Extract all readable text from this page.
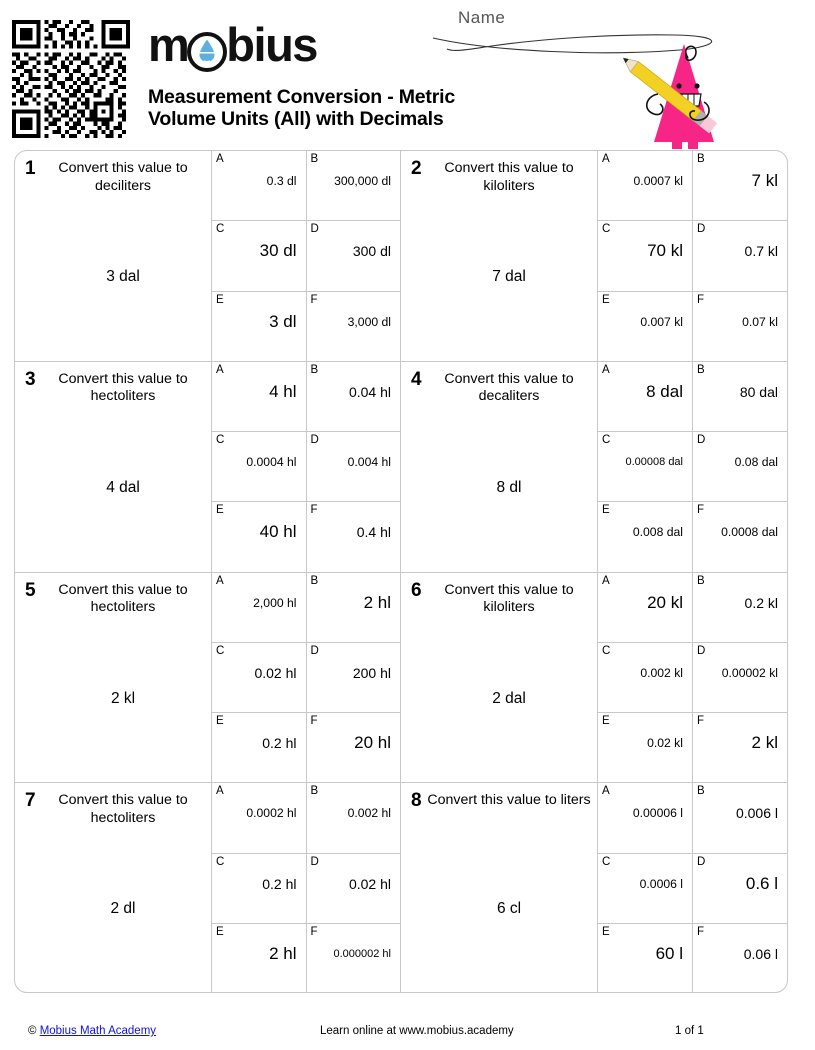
m bius
Measurement Conversion - Metric
Volume Units (All) with Decimals
Name
1	Convert this value to deciliters
3 dal
A
0.3 dl
B
300,000 dl
C
30 dl
D
300 dl
E
3 dl
F
3,000 dl
2	Convert this value to kiloliters
7 dal
A
0.0007 kl
B
7 kl
C
70 kl
D
0.7 kl
E
0.007 kl
F
0.07 kl
3	Convert this value to hectoliters
4 dal
A
4 hl
B
0.04 hl
C
0.0004 hl
D
0.004 hl
E
40 hl
F
0.4 hl
4	Convert this value to decaliters
8 dl
A
8 dal
B
80 dal
C
0.00008 dal
D
0.08 dal
E
0.008 dal
F
0.0008 dal
5	Convert this value to hectoliters
2 kl
A
2,000 hl
B
2 hl
C
0.02 hl
D
200 hl
E
0.2 hl
F
20 hl
6	Convert this value to kiloliters
2 dal
A
20 kl
B
0.2 kl
C
0.002 kl
D
0.00002 kl
E
0.02 kl
F
2 kl
7	Convert this value to hectoliters
2 dl
A
0.0002 hl
B
0.002 hl
C
0.2 hl
D
0.02 hl
E
2 hl
F
0.000002 hl
8 Convert this value to liters
6 cl
A
0.00006 l
B
0.006 l
C
0.0006 l
D
0.6 l
E
60 l
F
0.06 l
© Mobius Math Academy	Learn online at www.mobius.academy	1 of 1
